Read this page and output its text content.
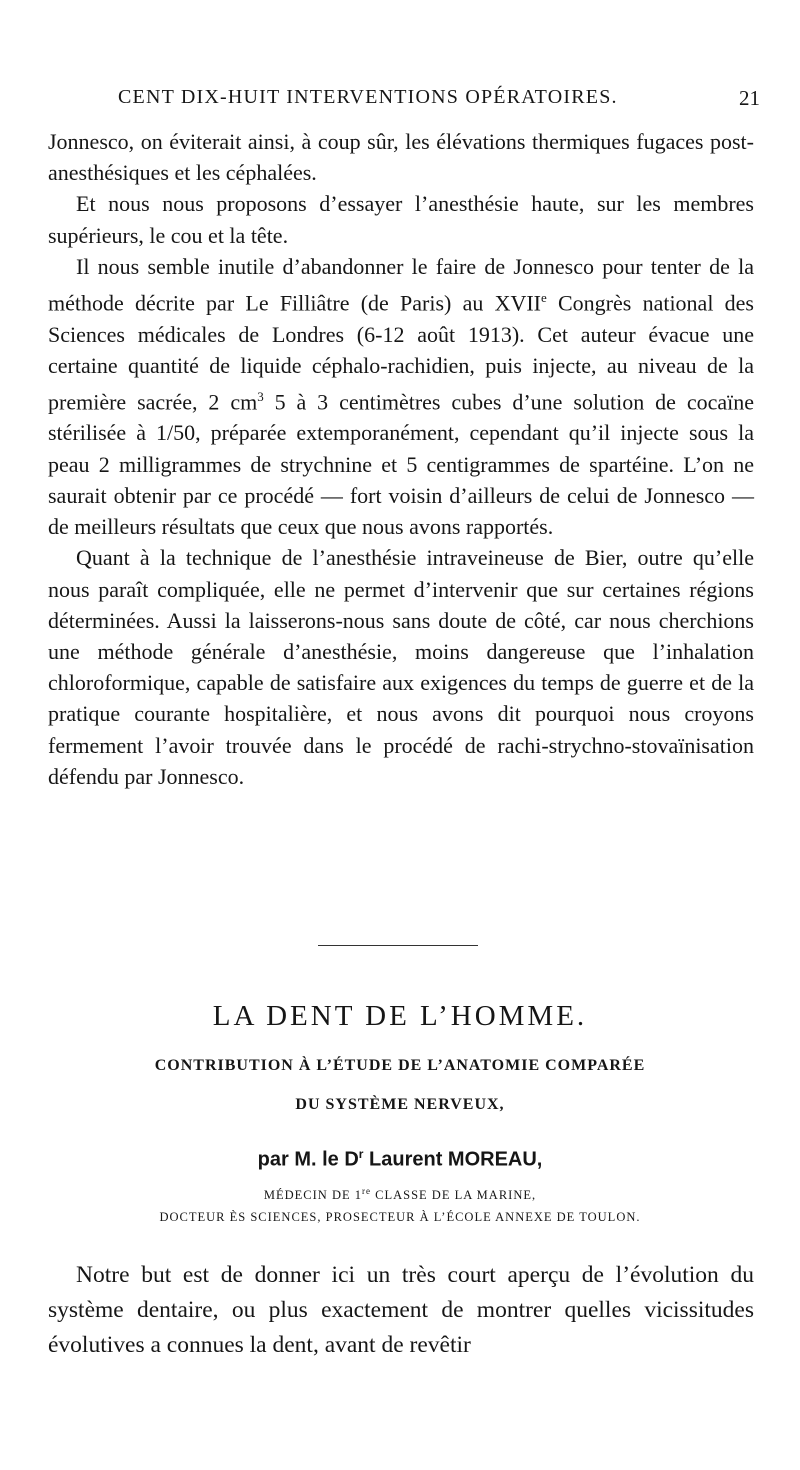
CENT DIX-HUIT INTERVENTIONS OPÉRATOIRES.	21

Jonnesco, on éviterait ainsi, à coup sûr, les élévations thermiques fugaces post-anesthésiques et les céphalées.

Et nous nous proposons d’essayer l’anesthésie haute, sur les membres supérieurs, le cou et la tête.

Il nous semble inutile d’abandonner le faire de Jonnesco pour tenter de la méthode décrite par Le Filliâtre (de Paris) au XVIIe Congrès national des Sciences médicales de Londres (6-12 août 1913). Cet auteur évacue une certaine quantité de liquide céphalo-rachidien, puis injecte, au niveau de la première sacrée, 2 $cm^3$ 5 à 3 centimètres cubes d’une solution de cocaïne stérilisée à 1/50, préparée extemporanément, cependant qu’il injecte sous la peau 2 milligrammes de strychnine et 5 centigrammes de spartéine. L’on ne saurait obtenir par ce procédé — fort voisin d’ailleurs de celui de Jonnesco — de meilleurs résultats que ceux que nous avons rapportés.

Quant à la technique de l’anesthésie intraveineuse de Bier, outre qu’elle nous paraît compliquée, elle ne permet d’intervenir que sur certaines régions déterminées. Aussi la laisserons-nous sans doute de côté, car nous cherchions une méthode générale d’anesthésie, moins dangereuse que l’inhalation chloroformique, capable de satisfaire aux exigences du temps de guerre et de la pratique courante hospitalière, et nous avons dit pourquoi nous croyons fermement l’avoir trouvée dans le procédé de rachi-strychno-stovaïnisation défendu par Jonnesco.

LA DENT DE L’HOMME.
CONTRIBUTION À L’ÉTUDE DE L’ANATOMIE COMPARÉE
DU SYSTÈME NERVEUX,
par M. le $D^r$ Laurent MOREAU,
MÉDECIN DE 1re CLASSE DE LA MARINE,
DOCTEUR ÈS SCIENCES, PROSECTEUR À L’ÉCOLE ANNEXE DE TOULON.

Notre but est de donner ici un très court aperçu de l’évolution du système dentaire, ou plus exactement de montrer quelles vicissitudes évolutives a connues la dent, avant de revêtir
